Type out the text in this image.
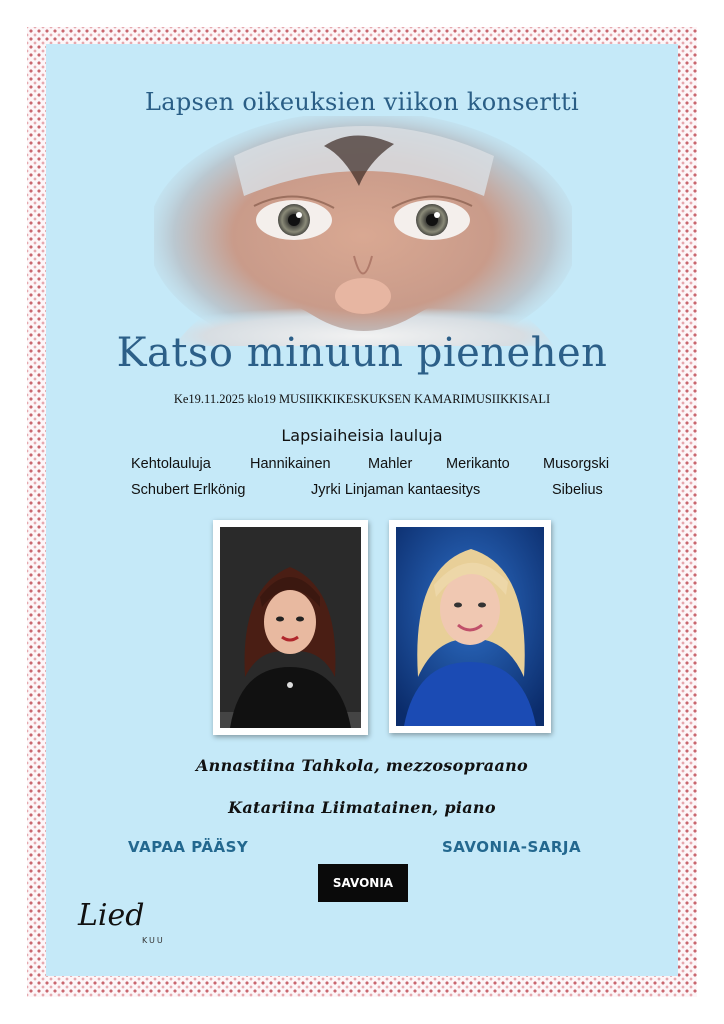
Lapsen oikeuksien viikon konsertti
Katso minuun pienehen
Ke19.11.2025 klo19 MUSIIKKIKESKUKSEN KAMARIMUSIIKKISALI
Lapsiaiheisia lauluja
Kehtolauluja	Hannikainen	Mahler Merikanto Musorgski
Schubert Erlkönig	Jyrki Linjaman kantaesitys	Sibelius
Annastiina Tahkola, mezzosopraano
Katariina Liimatainen, piano
VAPAA PÄÄSY	SAVONIA-SARJA
SAVONIA
Lied
KUU
